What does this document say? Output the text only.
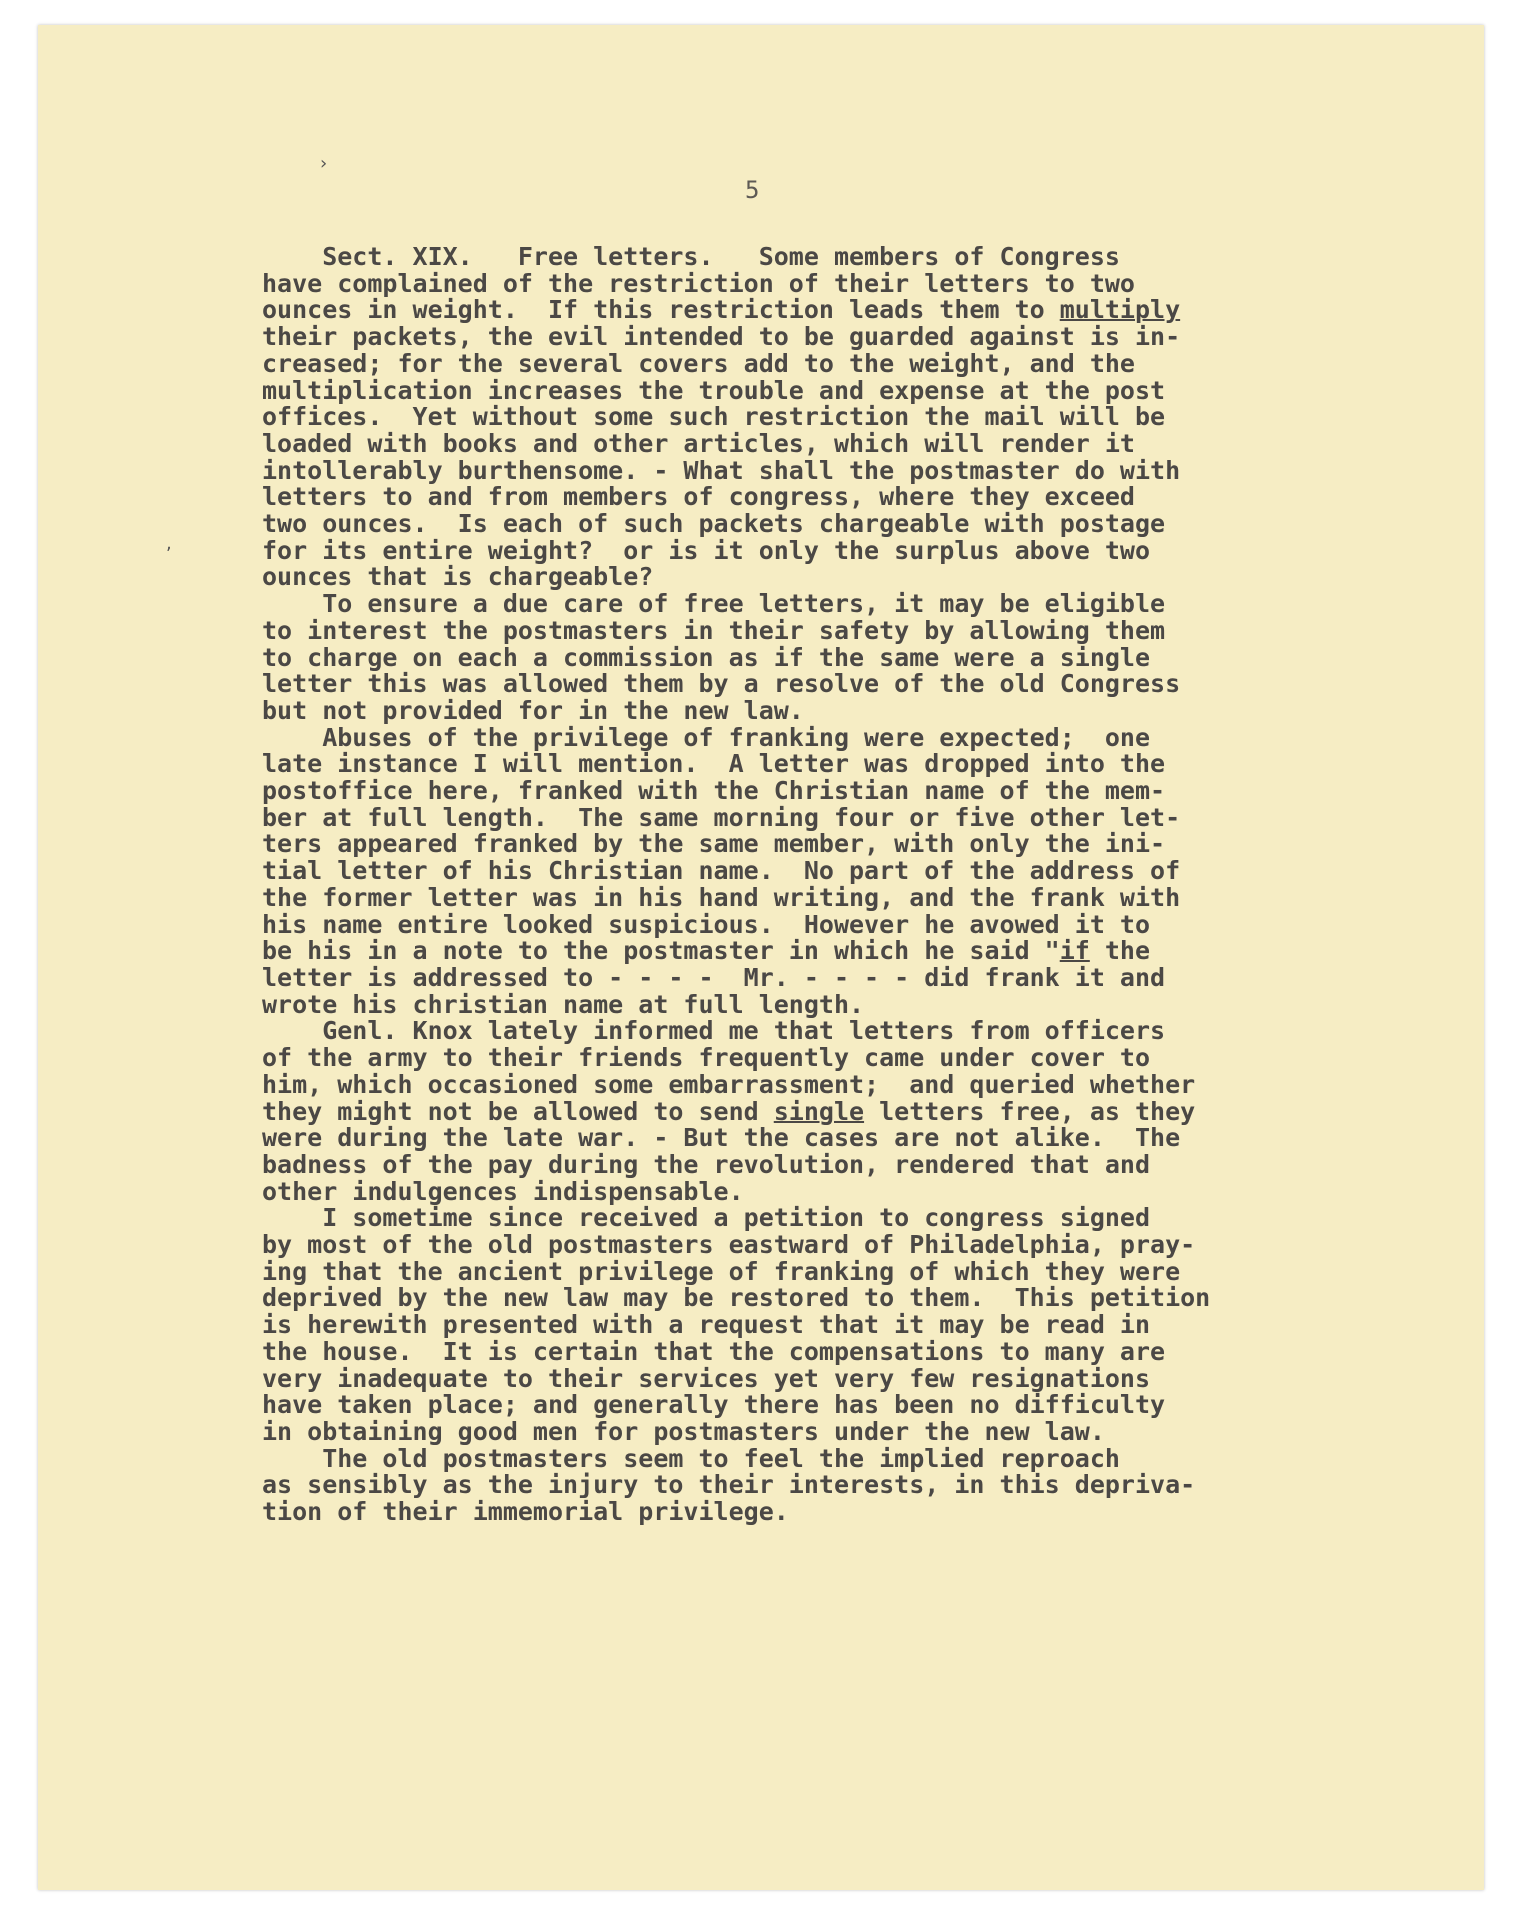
›
,
5
Sect. XIX.   Free letters.   Some members of Congress
have complained of the restriction of their letters to two
ounces in weight.  If this restriction leads them to multiply
their packets, the evil intended to be guarded against is in-
creased; for the several covers add to the weight, and the
multiplication increases the trouble and expense at the post
offices.  Yet without some such restriction the mail will be
loaded with books and other articles, which will render it
intollerably burthensome. - What shall the postmaster do with
letters to and from members of congress, where they exceed
two ounces.  Is each of such packets chargeable with postage
for its entire weight?  or is it only the surplus above two
ounces that is chargeable?
To ensure a due care of free letters, it may be eligible
to interest the postmasters in their safety by allowing them
to charge on each a commission as if the same were a single
letter this was allowed them by a resolve of the old Congress
but not provided for in the new law.
Abuses of the privilege of franking were expected;  one
late instance I will mention.  A letter was dropped into the
postoffice here, franked with the Christian name of the mem-
ber at full length.  The same morning four or five other let-
ters appeared franked by the same member, with only the ini-
tial letter of his Christian name.  No part of the address of
the former letter was in his hand writing, and the frank with
his name entire looked suspicious.  However he avowed it to
be his in a note to the postmaster in which he said "if the
letter is addressed to - - - -  Mr. - - - - did frank it and
wrote his christian name at full length.
Genl. Knox lately informed me that letters from officers
of the army to their friends frequently came under cover to
him, which occasioned some embarrassment;  and queried whether
they might not be allowed to send single letters free, as they
were during the late war. - But the cases are not alike.  The
badness of the pay during the revolution, rendered that and
other indulgences indispensable.
I sometime since received a petition to congress signed
by most of the old postmasters eastward of Philadelphia, pray-
ing that the ancient privilege of franking of which they were
deprived by the new law may be restored to them.  This petition
is herewith presented with a request that it may be read in
the house.  It is certain that the compensations to many are
very inadequate to their services yet very few resignations
have taken place; and generally there has been no difficulty
in obtaining good men for postmasters under the new law.
The old postmasters seem to feel the implied reproach
as sensibly as the injury to their interests, in this depriva-
tion of their immemorial privilege.
